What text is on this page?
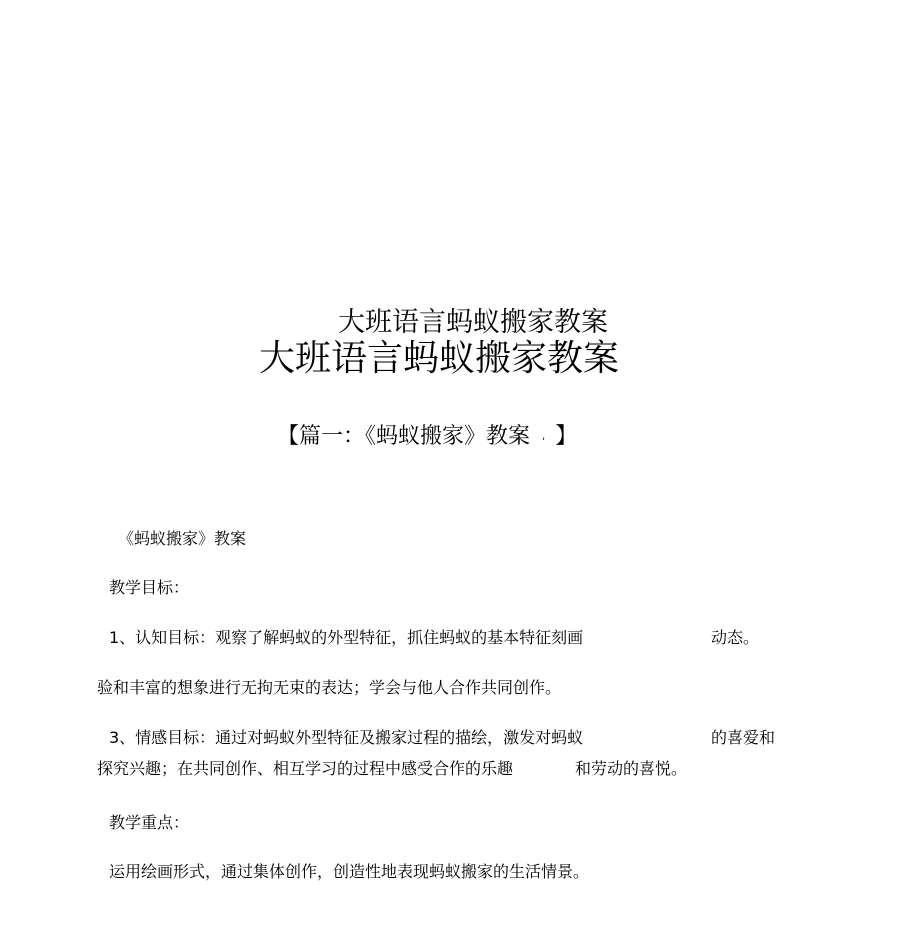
大班语言蚂蚁搬家教案
大班语言蚂蚁搬家教案
【篇一：《蚂蚁搬家》教案 , 】
《蚂蚁搬家》教案
教学目标：
1、认知目标：观察了解蚂蚁的外型特征，抓住蚂蚁的基本特征刻画	动态。
验和丰富的想象进行无拘无束的表达；学会与他人合作共同创作。
3、情感目标：通过对蚂蚁外型特征及搬家过程的描绘，激发对蚂蚁	的喜爱和
探究兴趣；在共同创作、相互学习的过程中感受合作的乐趣	和劳动的喜悦。
教学重点：
运用绘画形式，通过集体创作，创造性地表现蚂蚁搬家的生活情景。
